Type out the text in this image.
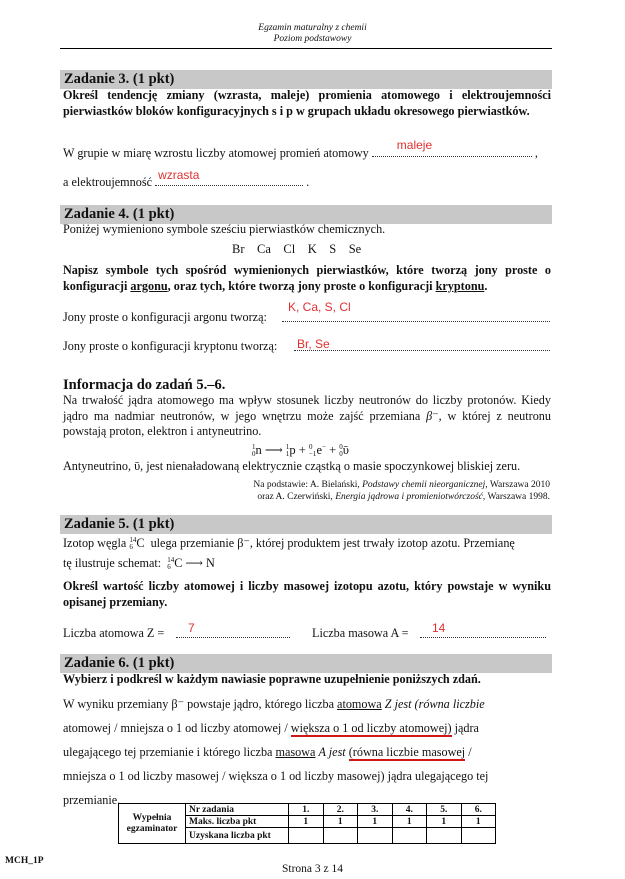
Egzamin maturalny z chemii
Poziom podstawowy
Zadanie 3. (1 pkt)
Określ tendencję zmiany (wzrasta, maleje) promienia atomowego i elektroujemności pierwiastków bloków konfiguracyjnych s i p w grupach układu okresowego pierwiastków.
W grupie w miarę wzrostu liczby atomowej promień atomowy
maleje
,
a elektroujemność wzrasta	.
Zadanie 4. (1 pkt)
Poniżej wymieniono symbole sześciu pierwiastków chemicznych.
Br Ca Cl K S Se
Napisz symbole tych spośród wymienionych pierwiastków, które tworzą jony proste o konfiguracji argonu, oraz tych, które tworzą jony proste o konfiguracji kryptonu.
Jony proste o konfiguracji argonu tworzą:
K, Ca, S, Cl
Jony proste o konfiguracji kryptonu tworzą: Br, Se
Informacja do zadań 5.–6.
Na trwałość jądra atomowego ma wpływ stosunek liczby neutronów do liczby protonów. Kiedy jądro ma nadmiar neutronów, w jego wnętrzu może zajść przemiana β⁻, w której z neutronu powstają proton, elektron i antyneutrino.
1
0n ⟶ 1
1p + 0
−1e− + 0
0ῡ
Antyneutrino, ῡ, jest nienaładowaną elektrycznie cząstką o masie spoczynkowej bliskiej zeru.
Na podstawie: A. Bielański, Podstawy chemii nieorganicznej, Warszawa 2010
oraz A. Czerwiński, Energia jądrowa i promieniotwórczość, Warszawa 1998.
Zadanie 5. (1 pkt)
Izotop węgla 14
6 C  ulega przemianie β⁻, której produktem jest trwały izotop azotu. Przemianę
tę ilustruje schemat: 14
6 C ⟶ N
Określ wartość liczby atomowej i liczby masowej izotopu azotu, który powstaje w wyniku opisanej przemiany.
Liczba atomowa Z = 7	Liczba masowa A = 14
Zadanie 6. (1 pkt)
Wybierz i podkreśl w każdym nawiasie poprawne uzupełnienie poniższych zdań.
W wyniku przemiany β⁻ powstaje jądro, którego liczba atomowa Z jest (równa liczbie
atomowej / mniejsza o 1 od liczby atomowej / większa o 1 od liczby atomowej) jądra
ulegającego tej przemianie i którego liczba masowa A jest (równa liczbie masowej /
mniejsza o 1 od liczby masowej / większa o 1 od liczby masowej) jądra ulegającego tej
przemianie.
Wypełnia
egzaminator	Nr zadania	1.	2.	3.	4.	5.	6.
	Maks. liczba pkt	1	1	1	1	1	1
	Uzyskana liczba pkt						
MCH_1P
Strona 3 z 14
